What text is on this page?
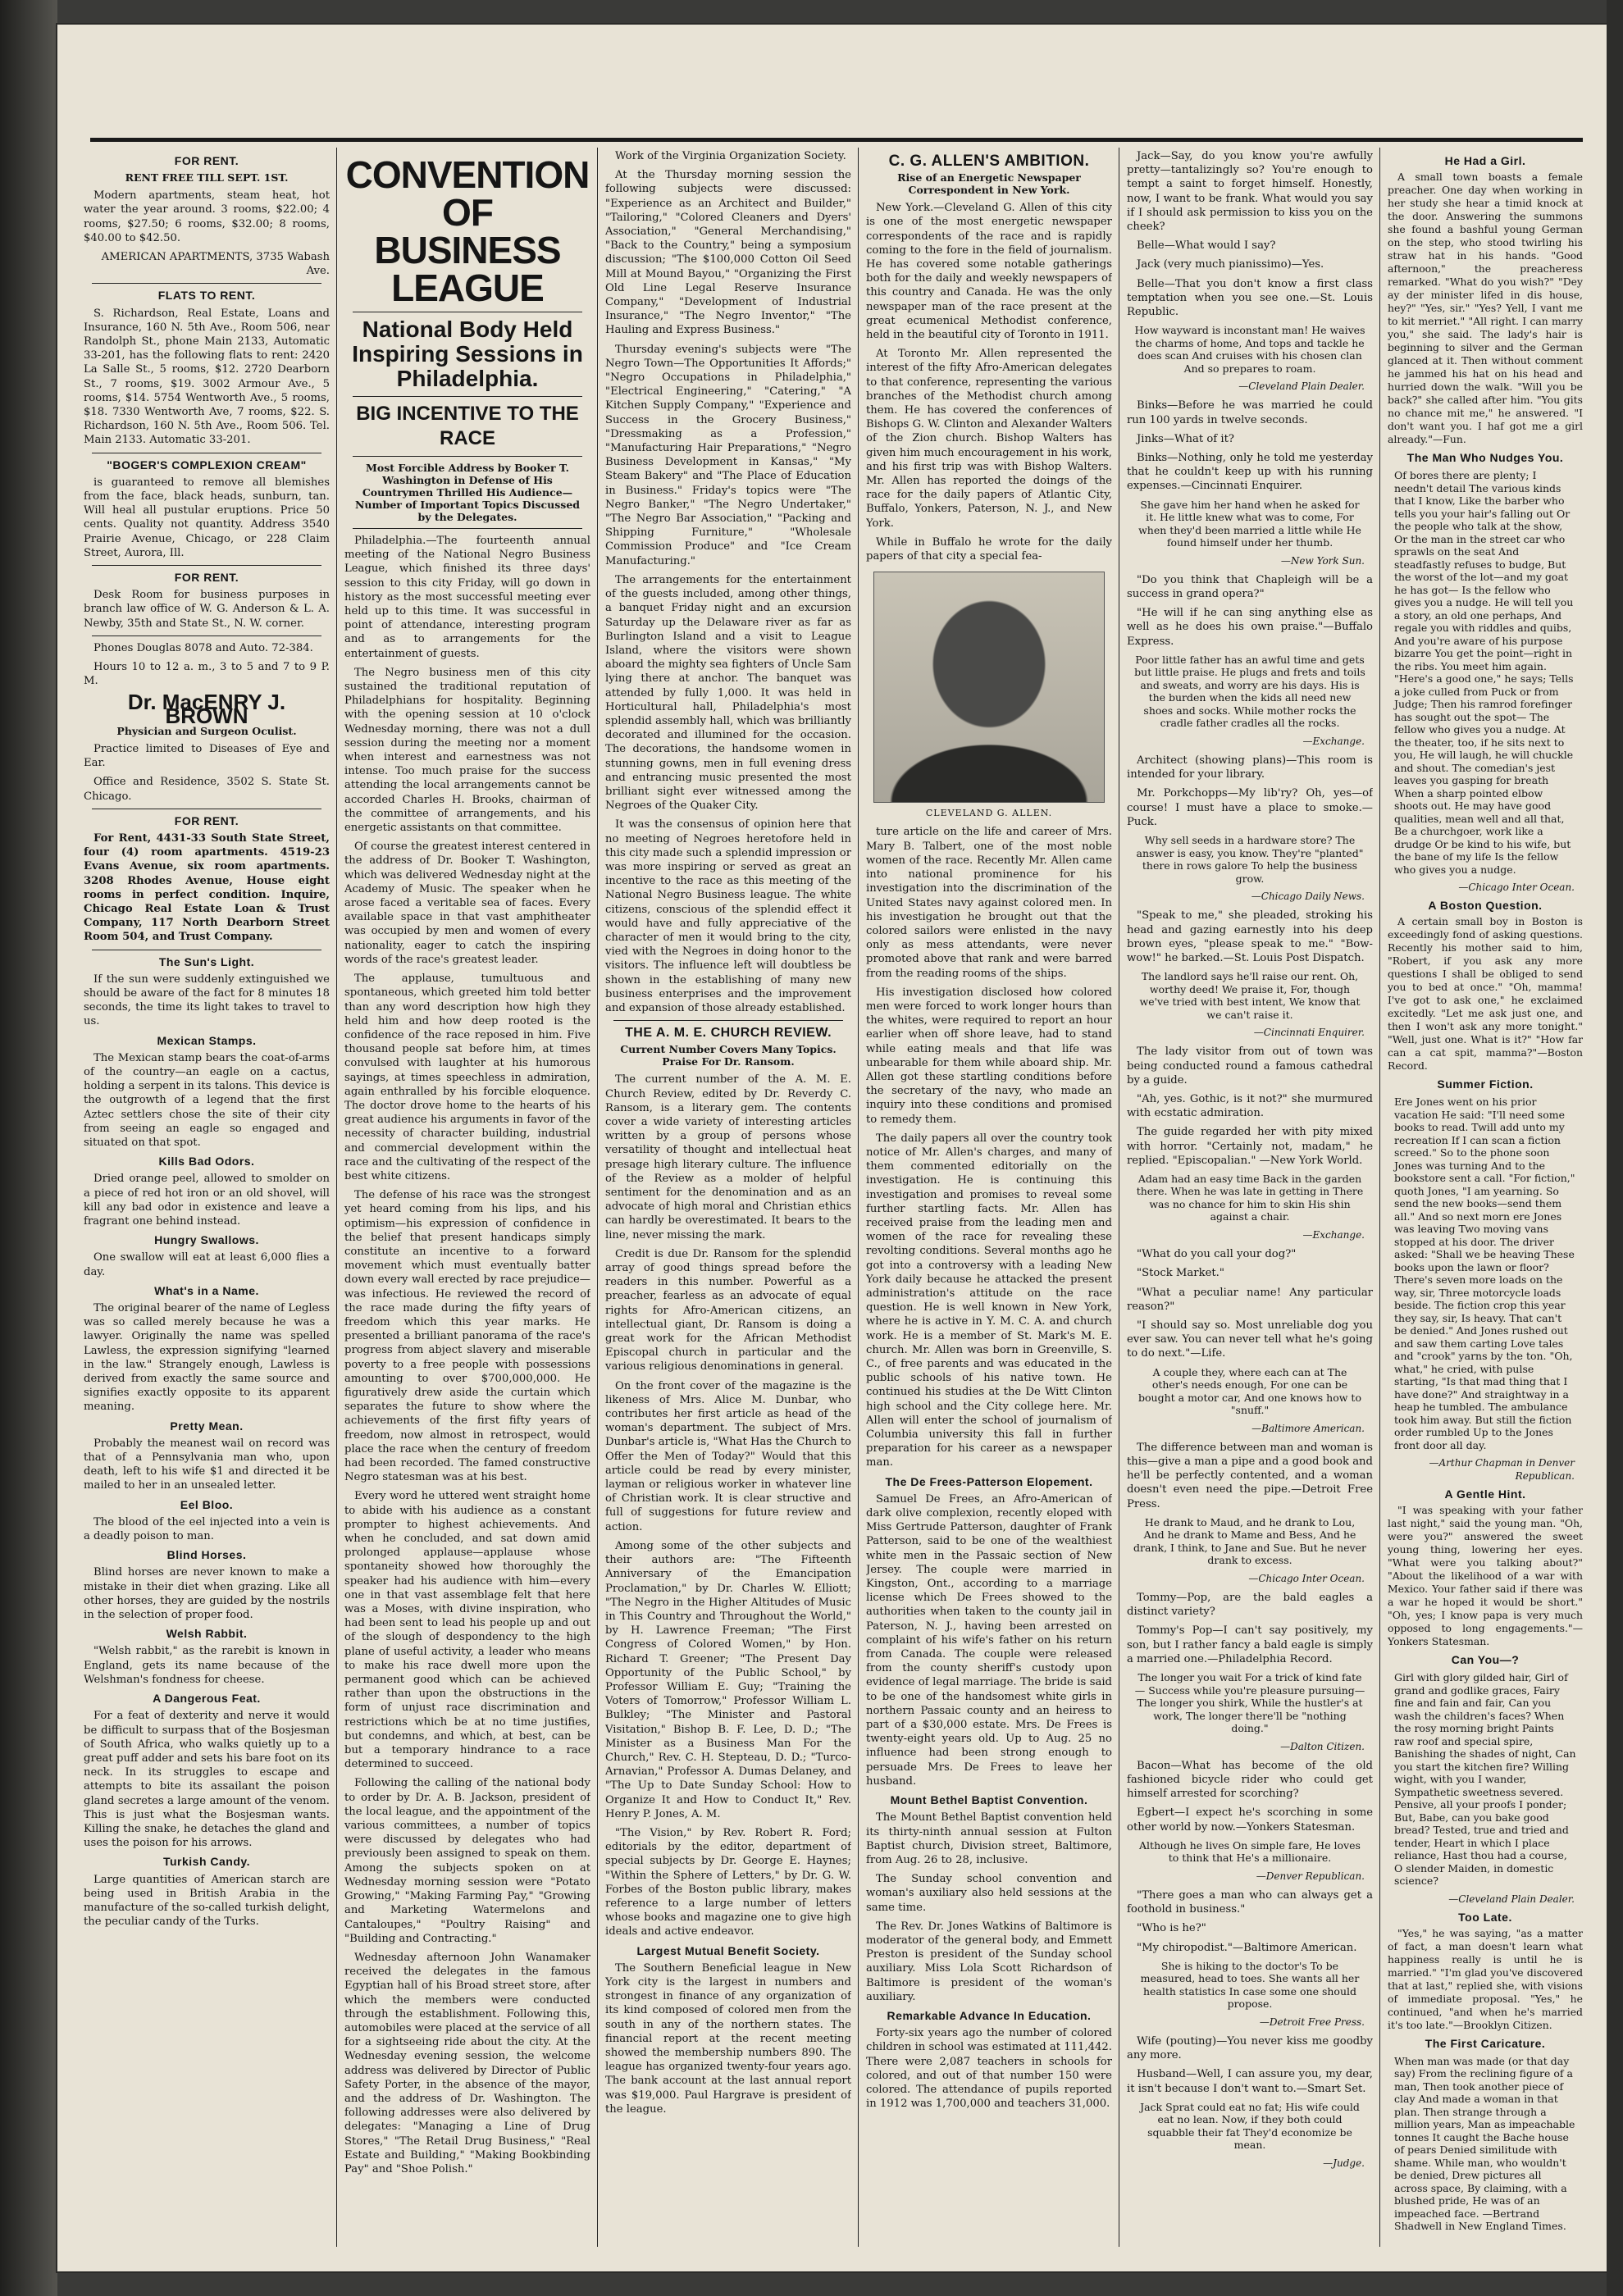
FOR RENT.
RENT FREE TILL SEPT. 1ST.

Modern apartments, steam heat, hot water the year around. 3 rooms, $22.00; 4 rooms, $27.50; 6 rooms, $32.00; 8 rooms, $40.00 to $42.50.

AMERICAN APARTMENTS, 3735 Wabash Ave.

FLATS TO RENT.

S. Richardson, Real Estate, Loans and Insurance, 160 N. 5th Ave., Room 506, near Randolph St., phone Main 2133, Automatic 33-201, has the following flats to rent: 2420 La Salle St., 5 rooms, $12. 2720 Dearborn St., 7 rooms, $19. 3002 Armour Ave., 5 rooms, $14. 5754 Wentworth Ave., 5 rooms, $18. 7330 Wentworth Ave, 7 rooms, $22. S. Richardson, 160 N. 5th Ave., Room 506. Tel. Main 2133. Automatic 33-201.

"BOGER'S COMPLEXION CREAM"

is guaranteed to remove all blemishes from the face, black heads, sunburn, tan. Will heal all pustular eruptions. Price 50 cents. Quality not quantity. Address 3540 Prairie Avenue, Chicago, or 228 Claim Street, Aurora, Ill.

FOR RENT.

Desk Room for business purposes in branch law office of W. G. Anderson & L. A. Newby, 35th and State St., N. W. corner.

Phones Douglas 8078 and Auto. 72-384.

Hours 10 to 12 a. m., 3 to 5 and 7 to 9 P. M.

Dr. MacENRY J. BROWN
Physician and Surgeon Oculist.

Practice limited to Diseases of Eye and Ear.

Office and Residence, 3502 S. State St. Chicago.

FOR RENT.

For Rent, 4431-33 South State Street, four (4) room apartments. 4519-23 Evans Avenue, six room apartments. 3208 Rhodes Avenue, House eight rooms in perfect condition. Inquire, Chicago Real Estate Loan & Trust Company, 117 North Dearborn Street Room 504, and Trust Company.

The Sun's Light.

If the sun were suddenly extinguished we should be aware of the fact for 8 minutes 18 seconds, the time its light takes to travel to us.

Mexican Stamps.

The Mexican stamp bears the coat-of-arms of the country—an eagle on a cactus, holding a serpent in its talons. This device is the outgrowth of a legend that the first Aztec settlers chose the site of their city from seeing an eagle so engaged and situated on that spot.

Kills Bad Odors.

Dried orange peel, allowed to smolder on a piece of red hot iron or an old shovel, will kill any bad odor in existence and leave a fragrant one behind instead.

Hungry Swallows.

One swallow will eat at least 6,000 flies a day.

What's in a Name.

The original bearer of the name of Legless was so called merely because he was a lawyer. Originally the name was spelled Lawless, the expression signifying "learned in the law." Strangely enough, Lawless is derived from exactly the same source and signifies exactly opposite to its apparent meaning.

Pretty Mean.

Probably the meanest wail on record was that of a Pennsylvania man who, upon death, left to his wife $1 and directed it be mailed to her in an unsealed letter.

Eel Bloo.

The blood of the eel injected into a vein is a deadly poison to man.

Blind Horses.

Blind horses are never known to make a mistake in their diet when grazing. Like all other horses, they are guided by the nostrils in the selection of proper food.

Welsh Rabbit.

"Welsh rabbit," as the rarebit is known in England, gets its name because of the Welshman's fondness for cheese.

A Dangerous Feat.

For a feat of dexterity and nerve it would be difficult to surpass that of the Bosjesman of South Africa, who walks quietly up to a great puff adder and sets his bare foot on its neck. In its struggles to escape and attempts to bite its assailant the poison gland secretes a large amount of the venom. This is just what the Bosjesman wants. Killing the snake, he detaches the gland and uses the poison for his arrows.

Turkish Candy.

Large quantities of American starch are being used in British Arabia in the manufacture of the so-called turkish delight, the peculiar candy of the Turks.

CONVENTION OF BUSINESS LEAGUE
National Body Held Inspiring Sessions in Philadelphia.
BIG INCENTIVE TO THE RACE
Most Forcible Address by Booker T. Washington in Defense of His Countrymen Thrilled His Audience—Number of Important Topics Discussed by the Delegates.

Philadelphia.—The fourteenth annual meeting of the National Negro Business League, which finished its three days' session to this city Friday, will go down in history as the most successful meeting ever held up to this time. It was successful in point of attendance, interesting program and as to arrangements for the entertainment of guests.

The Negro business men of this city sustained the traditional reputation of Philadelphians for hospitality. Beginning with the opening session at 10 o'clock Wednesday morning, there was not a dull session during the meeting nor a moment when interest and earnestness was not intense. Too much praise for the success attending the local arrangements cannot be accorded Charles H. Brooks, chairman of the committee of arrangements, and his energetic assistants on that committee.

Of course the greatest interest centered in the address of Dr. Booker T. Washington, which was delivered Wednesday night at the Academy of Music. The speaker when he arose faced a veritable sea of faces. Every available space in that vast amphitheater was occupied by men and women of every nationality, eager to catch the inspiring words of the race's greatest leader.

The applause, tumultuous and spontaneous, which greeted him told better than any word description how high they held him and how deep rooted is the confidence of the race reposed in him. Five thousand people sat before him, at times convulsed with laughter at his humorous sayings, at times speechless in admiration, again enthralled by his forcible eloquence. The doctor drove home to the hearts of his great audience his arguments in favor of the necessity of character building, industrial and commercial development within the race and the cultivating of the respect of the best white citizens.

The defense of his race was the strongest yet heard coming from his lips, and his optimism—his expression of confidence in the belief that present handicaps simply constitute an incentive to a forward movement which must eventually batter down every wall erected by race prejudice—was infectious. He reviewed the record of the race made during the fifty years of freedom which this year marks. He presented a brilliant panorama of the race's progress from abject slavery and miserable poverty to a free people with possessions amounting to over $700,000,000. He figuratively drew aside the curtain which separates the future to show where the achievements of the first fifty years of freedom, now almost in retrospect, would place the race when the century of freedom had been recorded. The famed constructive Negro statesman was at his best.

Every word he uttered went straight home to abide with his audience as a constant prompter to highest achievements. And when he concluded, and sat down amid prolonged applause—applause whose spontaneity showed how thoroughly the speaker had his audience with him—every one in that vast assemblage felt that here was a Moses, with divine inspiration, who had been sent to lead his people up and out of the slough of despondency to the high plane of useful activity, a leader who means to make his race dwell more upon the permanent good which can be achieved rather than upon the obstructions in the form of unjust race discrimination and restrictions which be at no time justifies, but condemns, and which, at best, can be but a temporary hindrance to a race determined to succeed.

Following the calling of the national body to order by Dr. A. B. Jackson, president of the local league, and the appointment of the various committees, a number of topics were discussed by delegates who had previously been assigned to speak on them. Among the subjects spoken on at Wednesday morning session were "Potato Growing," "Making Farming Pay," "Growing and Marketing Watermelons and Cantaloupes," "Poultry Raising" and "Building and Contracting."

Wednesday afternoon John Wanamaker received the delegates in the famous Egyptian hall of his Broad street store, after which the members were conducted through the establishment. Following this, automobiles were placed at the service of all for a sightseeing ride about the city. At the Wednesday evening session, the welcome address was delivered by Director of Public Safety Porter, in the absence of the mayor, and the address of Dr. Washington. The following addresses were also delivered by delegates: "Managing a Line of Drug Stores," "The Retail Drug Business," "Real Estate and Building," "Making Bookbinding Pay" and "Shoe Polish."

Work of the Virginia Organization Society.

At the Thursday morning session the following subjects were discussed: "Experience as an Architect and Builder," "Tailoring," "Colored Cleaners and Dyers' Association," "General Merchandising," "Back to the Country," being a symposium discussion; "The $100,000 Cotton Oil Seed Mill at Mound Bayou," "Organizing the First Old Line Legal Reserve Insurance Company," "Development of Industrial Insurance," "The Negro Inventor," "The Hauling and Express Business."

Thursday evening's subjects were "The Negro Town—The Opportunities It Affords;" "Negro Occupations in Philadelphia," "Electrical Engineering," "Catering," "A Kitchen Supply Company," "Experience and Success in the Grocery Business," "Dressmaking as a Profession," "Manufacturing Hair Preparations," "Negro Business Development in Kansas," "My Steam Bakery" and "The Place of Education in Business." Friday's topics were "The Negro Banker," "The Negro Undertaker," "The Negro Bar Association," "Packing and Shipping Furniture," "Wholesale Commission Produce" and "Ice Cream Manufacturing."

The arrangements for the entertainment of the guests included, among other things, a banquet Friday night and an excursion Saturday up the Delaware river as far as Burlington Island and a visit to League Island, where the visitors were shown aboard the mighty sea fighters of Uncle Sam lying there at anchor. The banquet was attended by fully 1,000. It was held in Horticultural hall, Philadelphia's most splendid assembly hall, which was brilliantly decorated and illumined for the occasion. The decorations, the handsome women in stunning gowns, men in full evening dress and entrancing music presented the most brilliant sight ever witnessed among the Negroes of the Quaker City.

It was the consensus of opinion here that no meeting of Negroes heretofore held in this city made such a splendid impression or was more inspiring or served as great an incentive to the race as this meeting of the National Negro Business league. The white citizens, conscious of the splendid effect it would have and fully appreciative of the character of men it would bring to the city, vied with the Negroes in doing honor to the visitors. The influence left will doubtless be shown in the establishing of many new business enterprises and the improvement and expansion of those already established.

THE A. M. E. CHURCH REVIEW.
Current Number Covers Many Topics. Praise For Dr. Ransom.

The current number of the A. M. E. Church Review, edited by Dr. Reverdy C. Ransom, is a literary gem. The contents cover a wide variety of interesting articles written by a group of persons whose versatility of thought and intellectual heat presage high literary culture. The influence of the Review as a molder of helpful sentiment for the denomination and as an advocate of high moral and Christian ethics can hardly be overestimated. It bears to the line, never missing the mark.

Credit is due Dr. Ransom for the splendid array of good things spread before the readers in this number. Powerful as a preacher, fearless as an advocate of equal rights for Afro-American citizens, an intellectual giant, Dr. Ransom is doing a great work for the African Methodist Episcopal church in particular and the various religious denominations in general.

On the front cover of the magazine is the likeness of Mrs. Alice M. Dunbar, who contributes her first article as head of the woman's department. The subject of Mrs. Dunbar's article is, "What Has the Church to Offer the Men of Today?" Would that this article could be read by every minister, layman or religious worker in whatever line of Christian work. It is clear structive and full of suggestions for future review and action.

Among some of the other subjects and their authors are: "The Fifteenth Anniversary of the Emancipation Proclamation," by Dr. Charles W. Elliott; "The Negro in the Higher Altitudes of Music in This Country and Throughout the World," by H. Lawrence Freeman; "The First Congress of Colored Women," by Hon. Richard T. Greener; "The Present Day Opportunity of the Public School," by Professor William E. Guy; "Training the Voters of Tomorrow," Professor William L. Bulkley; "The Minister and Pastoral Visitation," Bishop B. F. Lee, D. D.; "The Minister as a Business Man For the Church," Rev. C. H. Stepteau, D. D.; "Turco-Arnavian," Professor A. Dumas Delaney, and "The Up to Date Sunday School: How to Organize It and How to Conduct It," Rev. Henry P. Jones, A. M.

"The Vision," by Rev. Robert R. Ford; editorials by the editor, department of special subjects by Dr. George E. Haynes; "Within the Sphere of Letters," by Dr. G. W. Forbes of the Boston public library, makes reference to a large number of letters whose books and magazine one to give high ideals and active endeavor.

Largest Mutual Benefit Society.

The Southern Beneficial league in New York city is the largest in numbers and strongest in finance of any organization of its kind composed of colored men from the south in any of the northern states. The financial report at the recent meeting showed the membership numbers 890. The league has organized twenty-four years ago. The bank account at the last annual report was $19,000. Paul Hargrave is president of the league.

C. G. ALLEN'S AMBITION.
Rise of an Energetic Newspaper Correspondent in New York.

New York.—Cleveland G. Allen of this city is one of the most energetic newspaper correspondents of the race and is rapidly coming to the fore in the field of journalism. He has covered some notable gatherings both for the daily and weekly newspapers of this country and Canada. He was the only newspaper man of the race present at the great ecumenical Methodist conference, held in the beautiful city of Toronto in 1911.

At Toronto Mr. Allen represented the interest of the fifty Afro-American delegates to that conference, representing the various branches of the Methodist church among them. He has covered the conferences of Bishops G. W. Clinton and Alexander Walters of the Zion church. Bishop Walters has given him much encouragement in his work, and his first trip was with Bishop Walters. Mr. Allen has reported the doings of the race for the daily papers of Atlantic City, Buffalo, Yonkers, Paterson, N. J., and New York.

While in Buffalo he wrote for the daily papers of that city a special fea-

CLEVELAND G. ALLEN.

ture article on the life and career of Mrs. Mary B. Talbert, one of the most noble women of the race. Recently Mr. Allen came into national prominence for his investigation into the discrimination of the United States navy against colored men. In his investigation he brought out that the colored sailors were enlisted in the navy only as mess attendants, were never promoted above that rank and were barred from the reading rooms of the ships.

His investigation disclosed how colored men were forced to work longer hours than the whites, were required to report an hour earlier when off shore leave, had to stand while eating meals and that life was unbearable for them while aboard ship. Mr. Allen got these startling conditions before the secretary of the navy, who made an inquiry into these conditions and promised to remedy them.

The daily papers all over the country took notice of Mr. Allen's charges, and many of them commented editorially on the investigation. He is continuing this investigation and promises to reveal some further startling facts. Mr. Allen has received praise from the leading men and women of the race for revealing these revolting conditions. Several months ago he got into a controversy with a leading New York daily because he attacked the present administration's attitude on the race question. He is well known in New York, where he is active in Y. M. C. A. and church work. He is a member of St. Mark's M. E. church. Mr. Allen was born in Greenville, S. C., of free parents and was educated in the public schools of his native town. He continued his studies at the De Witt Clinton high school and the City college here. Mr. Allen will enter the school of journalism of Columbia university this fall in further preparation for his career as a newspaper man.

The De Frees-Patterson Elopement.

Samuel De Frees, an Afro-American of dark olive complexion, recently eloped with Miss Gertrude Patterson, daughter of Frank Patterson, said to be one of the wealthiest white men in the Passaic section of New Jersey. The couple were married in Kingston, Ont., according to a marriage license which De Frees showed to the authorities when taken to the county jail in Paterson, N. J., having been arrested on complaint of his wife's father on his return from Canada. The couple were released from the county sheriff's custody upon evidence of legal marriage. The bride is said to be one of the handsomest white girls in northern Passaic county and an heiress to part of a $30,000 estate. Mrs. De Frees is twenty-eight years old. Up to Aug. 25 no influence had been strong enough to persuade Mrs. De Frees to leave her husband.

Mount Bethel Baptist Convention.

The Mount Bethel Baptist convention held its thirty-ninth annual session at Fulton Baptist church, Division street, Baltimore, from Aug. 26 to 28, inclusive.

The Sunday school convention and woman's auxiliary also held sessions at the same time.

The Rev. Dr. Jones Watkins of Baltimore is moderator of the general body, and Emmett Preston is president of the Sunday school auxiliary. Miss Lola Scott Richardson of Baltimore is president of the woman's auxiliary.

Remarkable Advance In Education.

Forty-six years ago the number of colored children in school was estimated at 111,442. There were 2,087 teachers in schools for colored, and out of that number 150 were colored. The attendance of pupils reported in 1912 was 1,700,000 and teachers 31,000.

Jack—Say, do you know you're awfully pretty—tantalizingly so? You're enough to tempt a saint to forget himself. Honestly, now, I want to be frank. What would you say if I should ask permission to kiss you on the cheek?

Belle—What would I say?

Jack (very much pianissimo)—Yes.

Belle—That you don't know a first class temptation when you see one.—St. Louis Republic.

How wayward is inconstant man! He waives the charms of home, And tops and tackle he does scan And cruises with his chosen clan And so prepares to roam.
—Cleveland Plain Dealer.

Binks—Before he was married he could run 100 yards in twelve seconds.

Jinks—What of it?

Binks—Nothing, only he told me yesterday that he couldn't keep up with his running expenses.—Cincinnati Enquirer.

She gave him her hand when he asked for it. He little knew what was to come, For when they'd been married a little while He found himself under her thumb.
—New York Sun.

"Do you think that Chapleigh will be a success in grand opera?"

"He will if he can sing anything else as well as he does his own praise."—Buffalo Express.

Poor little father has an awful time and gets but little praise. He plugs and frets and toils and sweats, and worry are his days. His is the burden when the kids all need new shoes and socks. While mother rocks the cradle father cradles all the rocks.
—Exchange.

Architect (showing plans)—This room is intended for your library.

Mr. Porkchopps—My lib'ry? Oh, yes—of course! I must have a place to smoke.—Puck.

Why sell seeds in a hardware store? The answer is easy, you know. They're "planted" there in rows galore To help the business grow.
—Chicago Daily News.

"Speak to me," she pleaded, stroking his head and gazing earnestly into his deep brown eyes, "please speak to me." "Bow-wow!" he barked.—St. Louis Post Dispatch.

The landlord says he'll raise our rent. Oh, worthy deed! We praise it, For, though we've tried with best intent, We know that we can't raise it.
—Cincinnati Enquirer.

The lady visitor from out of town was being conducted round a famous cathedral by a guide.

"Ah, yes. Gothic, is it not?" she murmured with ecstatic admiration.

The guide regarded her with pity mixed with horror. "Certainly not, madam," he replied. "Episcopalian." —New York World.

Adam had an easy time Back in the garden there. When he was late in getting in There was no chance for him to skin His shin against a chair.
—Exchange.

"What do you call your dog?"

"Stock Market."

"What a peculiar name! Any particular reason?"

"I should say so. Most unreliable dog you ever saw. You can never tell what he's going to do next."—Life.

A couple they, where each can at The other's needs enough, For one can be bought a motor car, And one knows how to "snuff."
—Baltimore American.

The difference between man and woman is this—give a man a pipe and a good book and he'll be perfectly contented, and a woman doesn't even need the pipe.—Detroit Free Press.

He drank to Maud, and he drank to Lou, And he drank to Mame and Bess, And he drank, I think, to Jane and Sue. But he never drank to excess.
—Chicago Inter Ocean.

Tommy—Pop, are the bald eagles a distinct variety?

Tommy's Pop—I can't say positively, my son, but I rather fancy a bald eagle is simply a married one.—Philadelphia Record.

The longer you wait For a trick of kind fate— Success while you're pleasure pursuing— The longer you shirk, While the hustler's at work, The longer there'll be "nothing doing."
—Dalton Citizen.

Bacon—What has become of the old fashioned bicycle rider who could get himself arrested for scorching?

Egbert—I expect he's scorching in some other world by now.—Yonkers Statesman.

Although he lives On simple fare, He loves to think that He's a millionaire.
—Denver Republican.

"There goes a man who can always get a foothold in business."

"Who is he?"

"My chiropodist."—Baltimore American.

She is hiking to the doctor's To be measured, head to toes. She wants all her health statistics In case some one should propose.
—Detroit Free Press.

Wife (pouting)—You never kiss me goodby any more.

Husband—Well, I can assure you, my dear, it isn't because I don't want to.—Smart Set.

Jack Sprat could eat no fat; His wife could eat no lean. Now, if they both could squabble their fat They'd economize be mean.
—Judge.
He Had a Girl.

A small town boasts a female preacher. One day when working in her study she hear a timid knock at the door. Answering the summons she found a bashful young German on the step, who stood twirling his straw hat in his hands. "Good afternoon," the preacheress remarked. "What do you wish?" "Dey ay der minister lifed in dis house, hey?" "Yes, sir." "Yes? Yell, I vant me to kit merriet." "All right. I can marry you," she said. The lady's hair is beginning to silver and the German glanced at it. Then without comment he jammed his hat on his head and hurried down the walk. "Will you be back?" she called after him. "You gits no chance mit me," he answered. "I don't want you. I haf got me a girl already."—Fun.

The Man Who Nudges You.
Of bores there are plenty; I needn't detail The various kinds that I know, Like the barber who tells you your hair's falling out Or the people who talk at the show, Or the man in the street car who sprawls on the seat And steadfastly refuses to budge, But the worst of the lot—and my goat he has got— Is the fellow who gives you a nudge. He will tell you a story, an old one perhaps, And regale you with riddles and quibs, And you're aware of his purpose bizarre You get the point—right in the ribs. You meet him again. "Here's a good one," he says; Tells a joke culled from Puck or from Judge; Then his ramrod forefinger has sought out the spot— The fellow who gives you a nudge. At the theater, too, if he sits next to you, He will laugh, he will chuckle and shout. The comedian's jest leaves you gasping for breath When a sharp pointed elbow shoots out. He may have good qualities, mean well and all that, Be a churchgoer, work like a drudge Or be kind to his wife, but the bane of my life Is the fellow who gives you a nudge.
—Chicago Inter Ocean.
A Boston Question.

A certain small boy in Boston is exceedingly fond of asking questions. Recently his mother said to him, "Robert, if you ask any more questions I shall be obliged to send you to bed at once." "Oh, mamma! I've got to ask one," he exclaimed excitedly. "Let me ask just one, and then I won't ask any more tonight." "Well, just one. What is it?" "How far can a cat spit, mamma?"—Boston Record.

Summer Fiction.
Ere Jones went on his prior vacation He said: "I'll need some books to read. Twill add unto my recreation If I can scan a fiction screed." So to the phone soon Jones was turning And to the bookstore sent a call. "For fiction," quoth Jones, "I am yearning. So send the new books—send them all." And so next morn ere Jones was leaving Two moving vans stopped at his door. The driver asked: "Shall we be heaving These books upon the lawn or floor? There's seven more loads on the way, sir, Three motorcycle loads beside. The fiction crop this year they say, sir, Is heavy. That can't be denied." And Jones rushed out and saw them carting Love tales and "crook" yarns by the ton. "Oh, what," he cried, with pulse starting, "Is that mad thing that I have done?" And straightway in a heap he tumbled. The ambulance took him away. But still the fiction order rumbled Up to the Jones front door all day.
—Arthur Chapman in Denver Republican.
A Gentle Hint.

"I was speaking with your father last night," said the young man. "Oh, were you?" answered the sweet young thing, lowering her eyes. "What were you talking about?" "About the likelihood of a war with Mexico. Your father said if there was a war he hoped it would be short." "Oh, yes; I know papa is very much opposed to long engagements."—Yonkers Statesman.

Can You—?
Girl with glory gilded hair, Girl of grand and godlike graces, Fairy fine and fain and fair, Can you wash the children's faces? When the rosy morning bright Paints raw roof and special spire, Banishing the shades of night, Can you start the kitchen fire? Willing wight, with you I wander, Sympathetic sweetness severed. Pensive, all your proofs I ponder; But, Babe, can you bake good bread? Tested, true and tried and tender, Heart in which I place reliance, Hast thou had a course, O slender Maiden, in domestic science?
—Cleveland Plain Dealer.
Too Late.

"Yes," he was saying, "as a matter of fact, a man doesn't learn what happiness really is until he is married." "I'm glad you've discovered that at last," replied she, with visions of immediate proposal. "Yes," he continued, "and when he's married it's too late."—Brooklyn Citizen.

The First Caricature.
When man was made (or that day say) From the reclining figure of a man, Then took another piece of clay And made a woman in that plan. Then strange through a million years, Man as impeachable tonnes It caught the Bache house of pears Denied similitude with shame. While man, who wouldn't be denied, Drew pictures all across space, By claiming, with a blushed pride, He was of an impeached face. —Bertrand Shadwell in New England Times.
